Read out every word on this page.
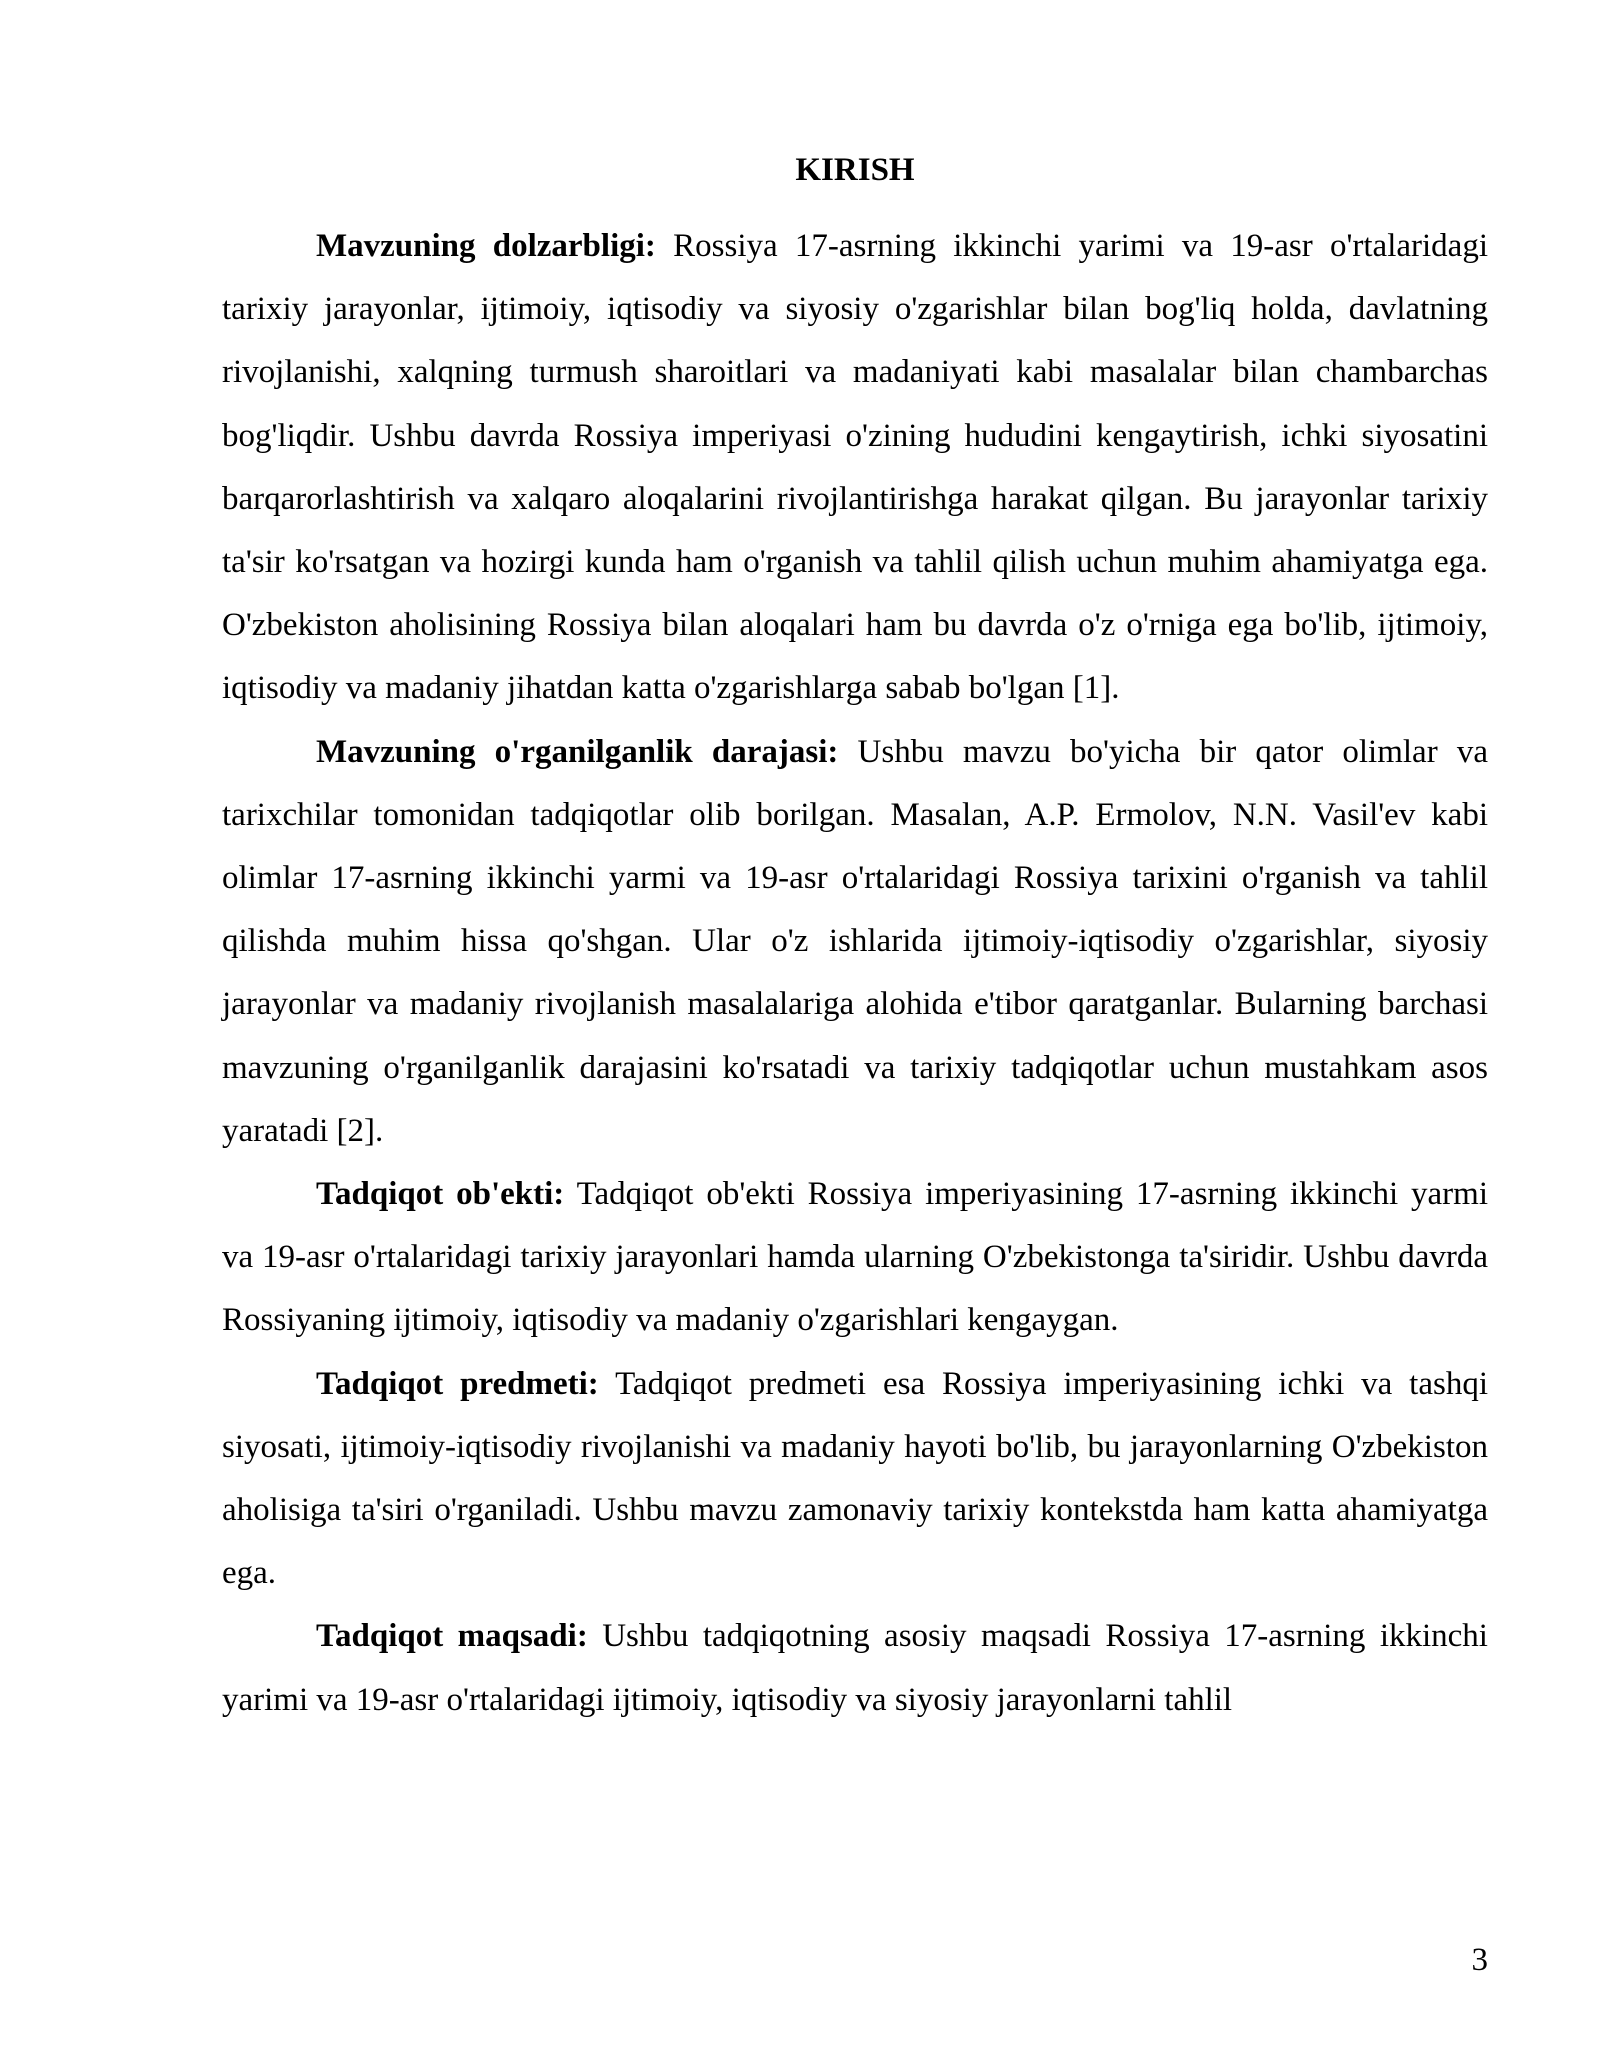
KIRISH

Mavzuning dolzarbligi: Rossiya 17-asrning ikkinchi yarimi va 19-asr o'rtalaridagi tarixiy jarayonlar, ijtimoiy, iqtisodiy va siyosiy o'zgarishlar bilan bog'liq holda, davlatning rivojlanishi, xalqning turmush sharoitlari va madaniyati kabi masalalar bilan chambarchas bog'liqdir. Ushbu davrda Rossiya imperiyasi o'zining hududini kengaytirish, ichki siyosatini barqarorlashtirish va xalqaro aloqalarini rivojlantirishga harakat qilgan. Bu jarayonlar tarixiy ta'sir ko'rsatgan va hozirgi kunda ham o'rganish va tahlil qilish uchun muhim ahamiyatga ega. O'zbekiston aholisining Rossiya bilan aloqalari ham bu davrda o'z o'rniga ega bo'lib, ijtimoiy, iqtisodiy va madaniy jihatdan katta o'zgarishlarga sabab bo'lgan [1].

Mavzuning o'rganilganlik darajasi: Ushbu mavzu bo'yicha bir qator olimlar va tarixchilar tomonidan tadqiqotlar olib borilgan. Masalan, A.P. Ermolov, N.N. Vasil'ev kabi olimlar 17-asrning ikkinchi yarmi va 19-asr o'rtalaridagi Rossiya tarixini o'rganish va tahlil qilishda muhim hissa qo'shgan. Ular o'z ishlarida ijtimoiy-iqtisodiy o'zgarishlar, siyosiy jarayonlar va madaniy rivojlanish masalalariga alohida e'tibor qaratganlar. Bularning barchasi mavzuning o'rganilganlik darajasini ko'rsatadi va tarixiy tadqiqotlar uchun mustahkam asos yaratadi [2].

Tadqiqot ob'ekti: Tadqiqot ob'ekti Rossiya imperiyasining 17-asrning ikkinchi yarmi va 19-asr o'rtalaridagi tarixiy jarayonlari hamda ularning O'zbekistonga ta'siridir. Ushbu davrda Rossiyaning ijtimoiy, iqtisodiy va madaniy o'zgarishlari kengaygan.

Tadqiqot predmeti: Tadqiqot predmeti esa Rossiya imperiyasining ichki va tashqi siyosati, ijtimoiy-iqtisodiy rivojlanishi va madaniy hayoti bo'lib, bu jarayonlarning O'zbekiston aholisiga ta'siri o'rganiladi. Ushbu mavzu zamonaviy tarixiy kontekstda ham katta ahamiyatga ega.

Tadqiqot maqsadi: Ushbu tadqiqotning asosiy maqsadi Rossiya 17-asrning ikkinchi yarimi va 19-asr o'rtalaridagi ijtimoiy, iqtisodiy va siyosiy jarayonlarni tahlil

3
